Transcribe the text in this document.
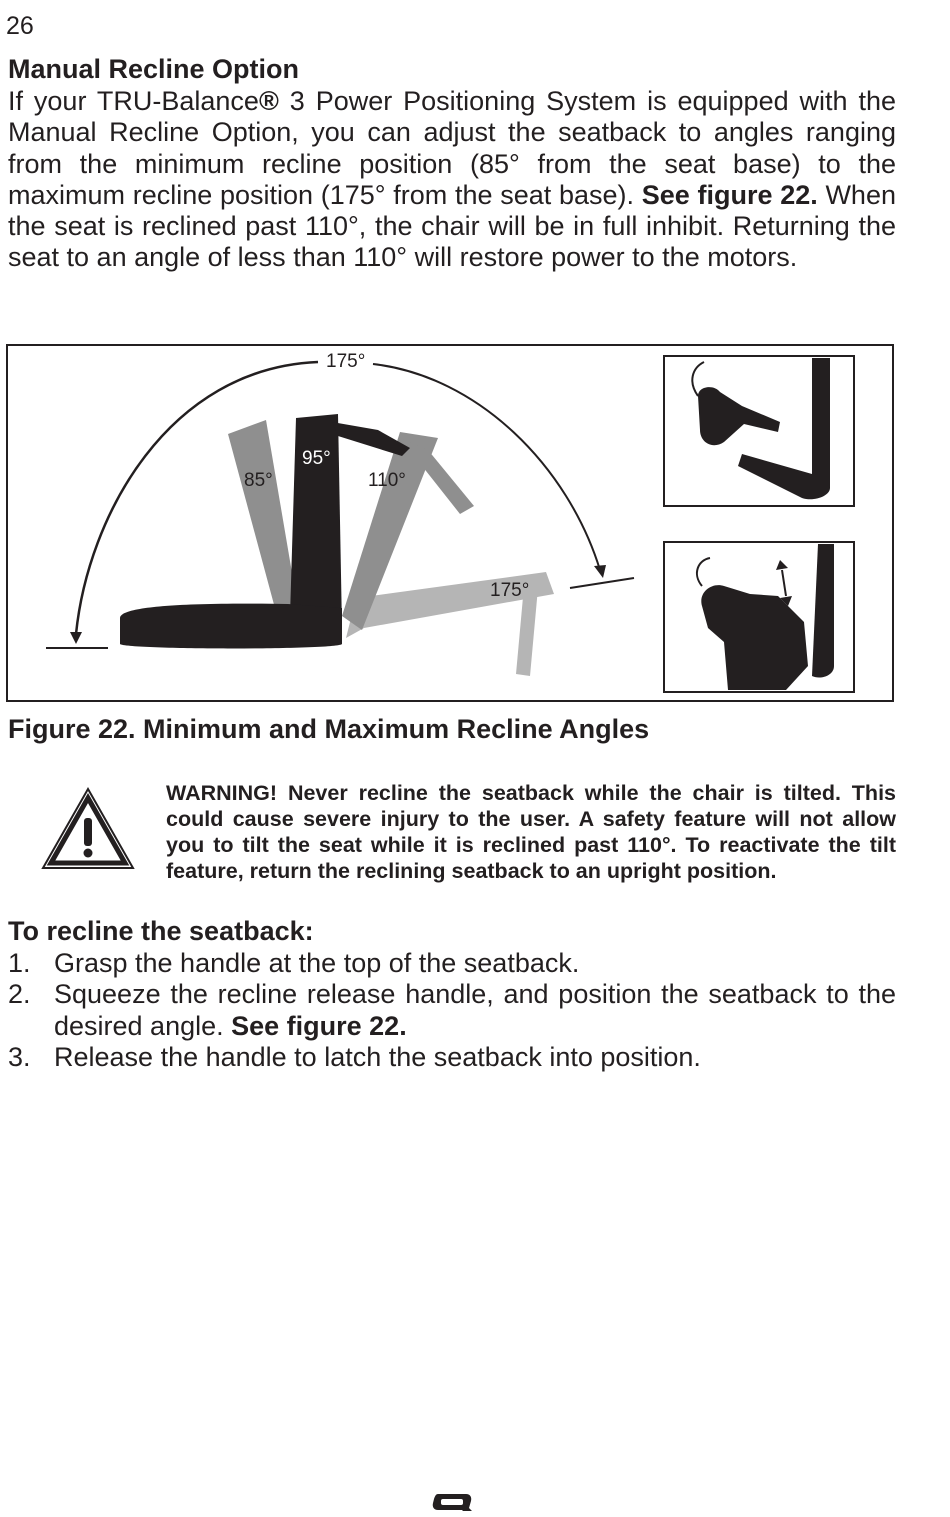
26
Manual Recline Option
If your TRU-Balance® 3 Power Positioning System is equipped with the Manual Recline Option, you can adjust the seatback to angles ranging from the minimum recline position (85° from the seat base) to the maximum recline position (175° from the seat base). See figure 22. When the seat is reclined past 110°, the chair will be in full inhibit. Returning the seat to an angle of less than 110° will restore power to the motors.
175°
95°
85°	110°
175°
Figure 22. Minimum and Maximum Recline Angles
WARNING! Never recline the seatback while the chair is tilted. This could cause severe injury to the user. A safety feature will not allow you to tilt the seat while it is reclined past 110°. To reactivate the tilt feature, return the reclining seatback to an upright position.
To recline the seatback:
1. Grasp the handle at the top of the seatback.
2. Squeeze the recline release handle, and position the seatback to the desired angle. See figure 22.
3. Release the handle to latch the seatback into position.
